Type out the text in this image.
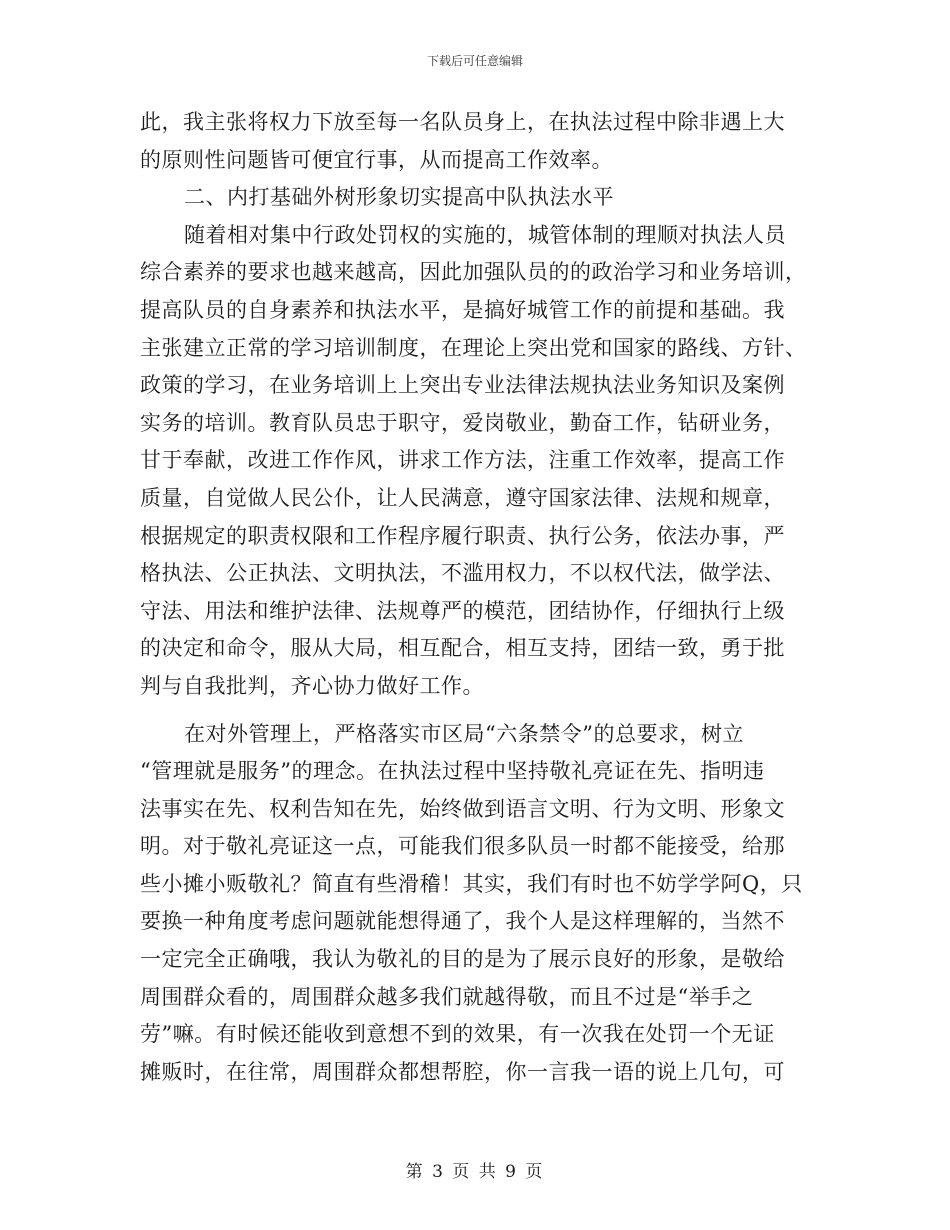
下载后可任意编辑

此，我主张将权力下放至每一名队员身上，在执法过程中除非遇上大
的原则性问题皆可便宜行事，从而提高工作效率。

二、内打基础外树形象切实提高中队执法水平

随着相对集中行政处罚权的实施的，城管体制的理顺对执法人员
综合素养的要求也越来越高，因此加强队员的的政治学习和业务培训，
提高队员的自身素养和执法水平，是搞好城管工作的前提和基础。我
主张建立正常的学习培训制度，在理论上突出党和国家的路线、方针、
政策的学习，在业务培训上上突出专业法律法规执法业务知识及案例
实务的培训。教育队员忠于职守，爱岗敬业，勤奋工作，钻研业务，
甘于奉献，改进工作作风，讲求工作方法，注重工作效率，提高工作
质量，自觉做人民公仆，让人民满意，遵守国家法律、法规和规章，
根据规定的职责权限和工作程序履行职责、执行公务，依法办事，严
格执法、公正执法、文明执法，不滥用权力，不以权代法，做学法、
守法、用法和维护法律、法规尊严的模范，团结协作，仔细执行上级
的决定和命令，服从大局，相互配合，相互支持，团结一致，勇于批
判与自我批判，齐心协力做好工作。

在对外管理上，严格落实市区局“六条禁令”的总要求，树立
“管理就是服务”的理念。在执法过程中坚持敬礼亮证在先、指明违
法事实在先、权利告知在先，始终做到语言文明、行为文明、形象文
明。对于敬礼亮证这一点，可能我们很多队员一时都不能接受，给那
些小摊小贩敬礼？简直有些滑稽！其实，我们有时也不妨学学阿Q，只
要换一种角度考虑问题就能想得通了，我个人是这样理解的，当然不
一定完全正确哦，我认为敬礼的目的是为了展示良好的形象，是敬给
周围群众看的，周围群众越多我们就越得敬，而且不过是“举手之
劳”嘛。有时候还能收到意想不到的效果，有一次我在处罚一个无证
摊贩时，在往常，周围群众都想帮腔，你一言我一语的说上几句，可

第 3 页 共 9 页
